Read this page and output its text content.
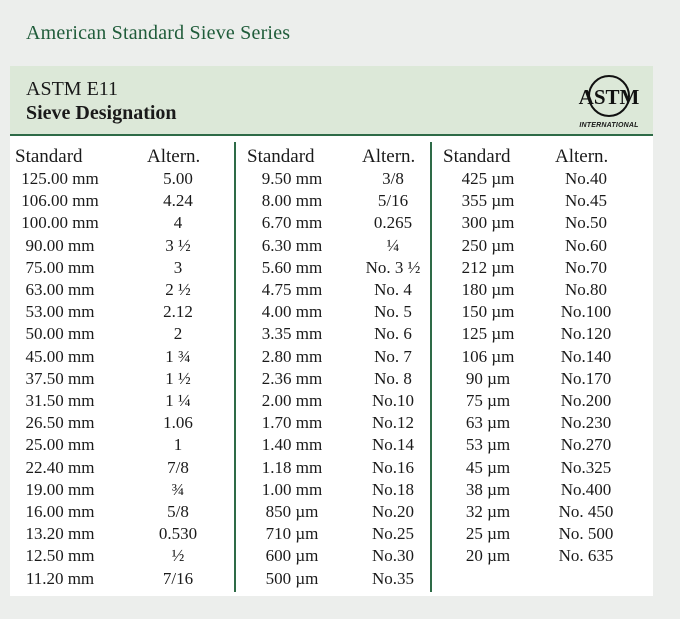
American Standard Sieve Series
ASTM E11
Sieve Designation
ASTM
INTERNATIONAL
Standard	Altern.
125.00 mm	5.00
106.00 mm	4.24
100.00 mm	4
90.00 mm	3 ½
75.00 mm	3
63.00 mm	2 ½
53.00 mm	2.12
50.00 mm	2
45.00 mm	1 ¾
37.50 mm	1 ½
31.50 mm	1 ¼
26.50 mm	1.06
25.00 mm	1
22.40 mm	7/8
19.00 mm	¾
16.00 mm	5/8
13.20 mm	0.530
12.50 mm	½
11.20 mm	7/16
Standard Altern.
9.50 mm	3/8
8.00 mm	5/16
6.70 mm	0.265
6.30 mm	¼
5.60 mm	No. 3 ½
4.75 mm	No. 4
4.00 mm	No. 5
3.35 mm	No. 6
2.80 mm	No. 7
2.36 mm	No. 8
2.00 mm	No.10
1.70 mm	No.12
1.40 mm	No.14
1.18 mm	No.16
1.00 mm	No.18
850 µm	No.20
710 µm	No.25
600 µm	No.30
500 µm	No.35
Standard Altern.
425 µm	No.40
355 µm	No.45
300 µm	No.50
250 µm	No.60
212 µm	No.70
180 µm	No.80
150 µm	No.100
125 µm	No.120
106 µm	No.140
90 µm	No.170
75 µm	No.200
63 µm	No.230
53 µm	No.270
45 µm	No.325
38 µm	No.400
32 µm	No. 450
25 µm	No. 500
20 µm	No. 635
